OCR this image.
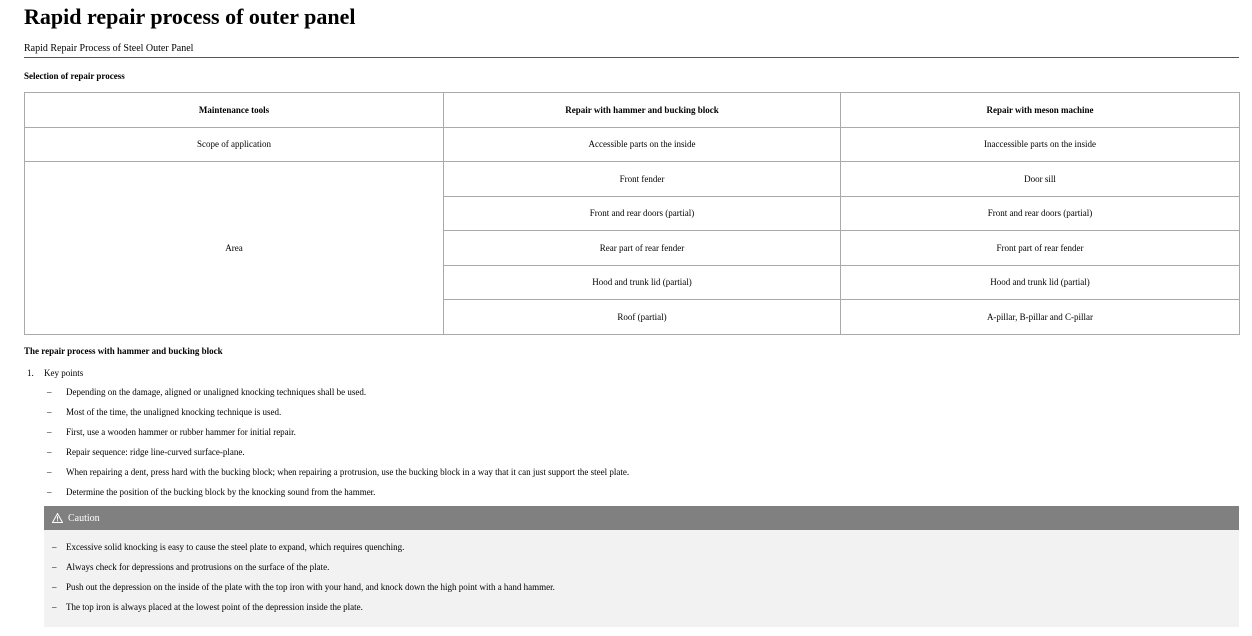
Rapid repair process of outer panel
Rapid Repair Process of Steel Outer Panel
Selection of repair process
Maintenance tools	Repair with hammer and bucking block	Repair with meson machine
Scope of application	Accessible parts on the inside	Inaccessible parts on the inside
Area	Front fender	Door sill
	Front and rear doors (partial)	Front and rear doors (partial)
	Rear part of rear fender	Front part of rear fender
	Hood and trunk lid (partial)	Hood and trunk lid (partial)
	Roof (partial)	A-pillar, B-pillar and C-pillar
The repair process with hammer and bucking block
1. Key points
– Depending on the damage, aligned or unaligned knocking techniques shall be used.
– Most of the time, the unaligned knocking technique is used.
– First, use a wooden hammer or rubber hammer for initial repair.
– Repair sequence: ridge line-curved surface-plane.
– When repairing a dent, press hard with the bucking block; when repairing a protrusion, use the bucking block in a way that it can just support the steel plate.
– Determine the position of the bucking block by the knocking sound from the hammer.
Caution
– Excessive solid knocking is easy to cause the steel plate to expand, which requires quenching.
– Always check for depressions and protrusions on the surface of the plate.
– Push out the depression on the inside of the plate with the top iron with your hand, and knock down the high point with a hand hammer.
– The top iron is always placed at the lowest point of the depression inside the plate.
